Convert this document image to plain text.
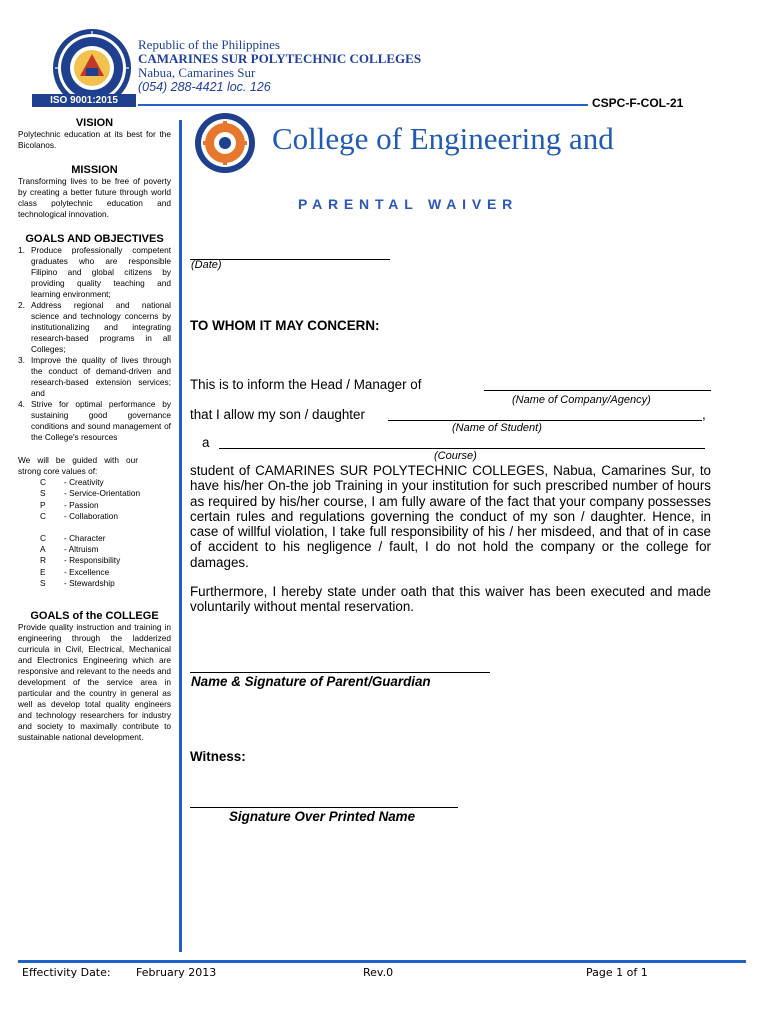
ISO 9001:2015
Republic of the Philippines
CAMARINES SUR POLYTECHNIC COLLEGES
Nabua, Camarines Sur
(054) 288-4421 loc. 126
CSPC-F-COL-21
VISION
Polytechnic education at its best for the Bicolanos.
MISSION
Transforming lives to be free of poverty by creating a better future through world class polytechnic education and technological innovation.
GOALS AND OBJECTIVES
1. Produce professionally competent graduates who are responsible Filipino and global citizens by providing quality teaching and learning environment;
2. Address regional and national science and technology concerns by institutionalizing and integrating research-based programs in all Colleges;
3. Improve the quality of lives through the conduct of demand-driven and research-based extension services; and
4. Strive for optimal performance by sustaining good governance conditions and sound management of the College's resources
We will be guided with our strong core values of:
C	- Creativity
S	- Service-Orientation
P	- Passion
C	- Collaboration
C	- Character
A	- Altruism
R	- Responsibility
E	- Excellence
S	- Stewardship
GOALS of the COLLEGE
Provide quality instruction and training in engineering through the ladderized curricula in Civil, Electrical, Mechanical and Electronics Engineering which are responsive and relevant to the needs and development of the service area in particular and the country in general as well as develop total quality engineers and technology researchers for industry and society to maximally contribute to sustainable national development.
College of Engineering and
PARENTAL WAIVER
(Date)
TO WHOM IT MAY CONCERN:
This is to inform the Head / Manager of
(Name of Company/Agency)
that I allow my son / daughter	,
(Name of Student)
a
(Course)
student of CAMARINES SUR POLYTECHNIC COLLEGES, Nabua, Camarines Sur, to have his/her On-the job Training in your institution for such prescribed number of hours as required by his/her course, I am fully aware of the fact that your company possesses certain rules and regulations governing the conduct of my son / daughter. Hence, in case of willful violation, I take full responsibility of his / her misdeed, and that of in case of accident to his negligence / fault, I do not hold the company or the college for damages.
Furthermore, I hereby state under oath that this waiver has been executed and made voluntarily without mental reservation.
Name & Signature of Parent/Guardian
Witness:
Signature Over Printed Name
Effectivity Date: February 2013	Rev.0	Page 1 of 1
